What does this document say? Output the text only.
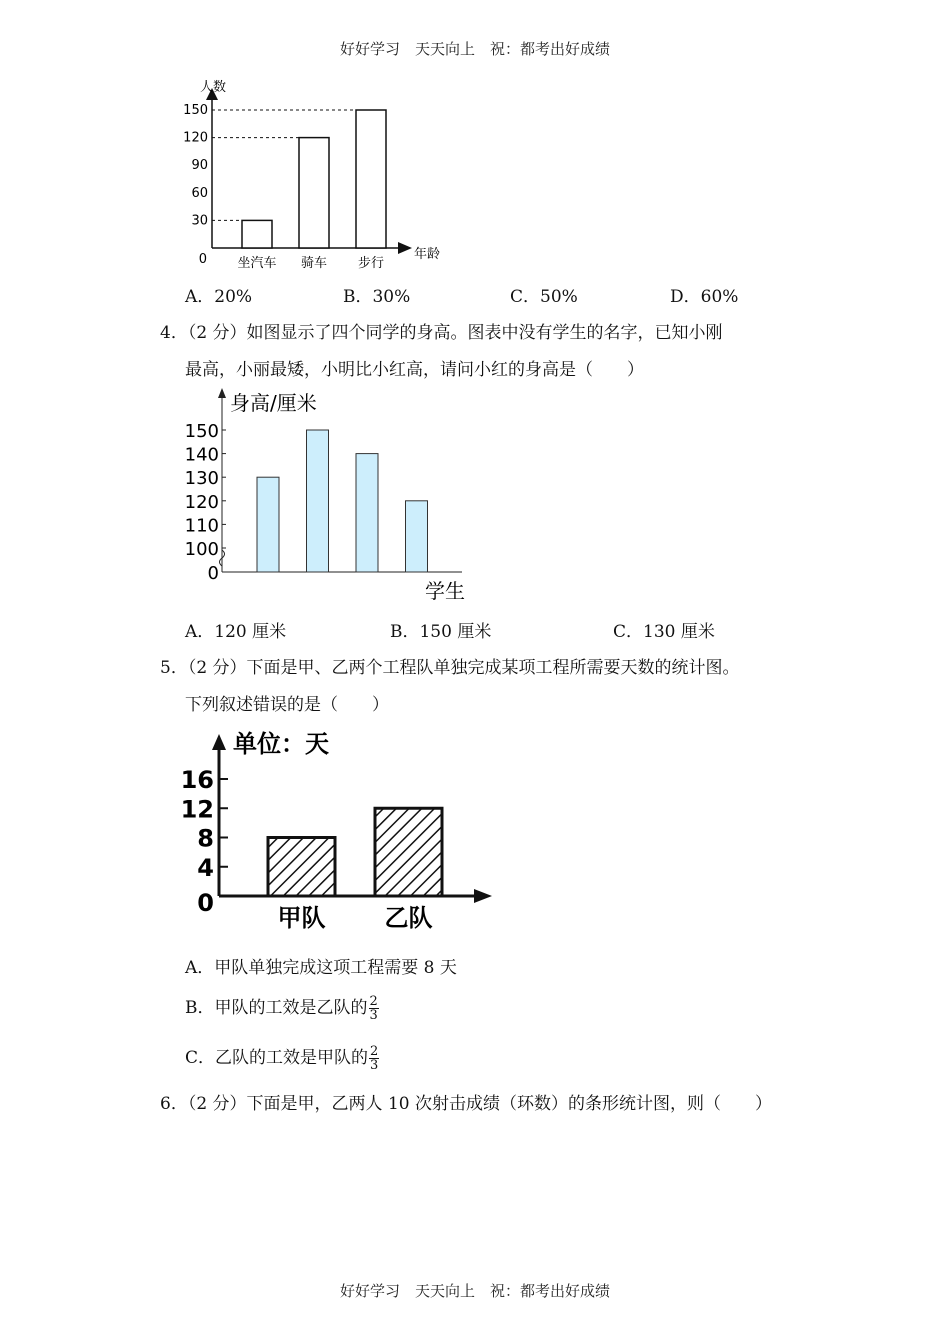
好好学习　天天向上　祝：都考出好成绩
人数
年龄
0
30
60
90
120
150
坐汽车 骑车 步行
A．20%	B．30%	C．50%	D．60%
4．（2 分）如图显示了四个同学的身高。图表中没有学生的名字，已知小刚
最高，小丽最矮，小明比小红高，请问小红的身高是（　　）
身高/厘米
学生
0
100
110
120
130
140
150
A．120 厘米	B．150 厘米	C．130 厘米
5．（2 分）下面是甲、乙两个工程队单独完成某项工程所需要天数的统计图。
下列叙述错误的是（　　）
单位：天
0
4
8
12
16
甲队 乙队
A．甲队单独完成这项工程需要 8 天
B．甲队的工效是乙队的 $\frac{2}{3}$
C．乙队的工效是甲队的 $\frac{2}{3}$
6．（2 分）下面是甲，乙两人 10 次射击成绩（环数）的条形统计图，则（　　）
好好学习　天天向上　祝：都考出好成绩
